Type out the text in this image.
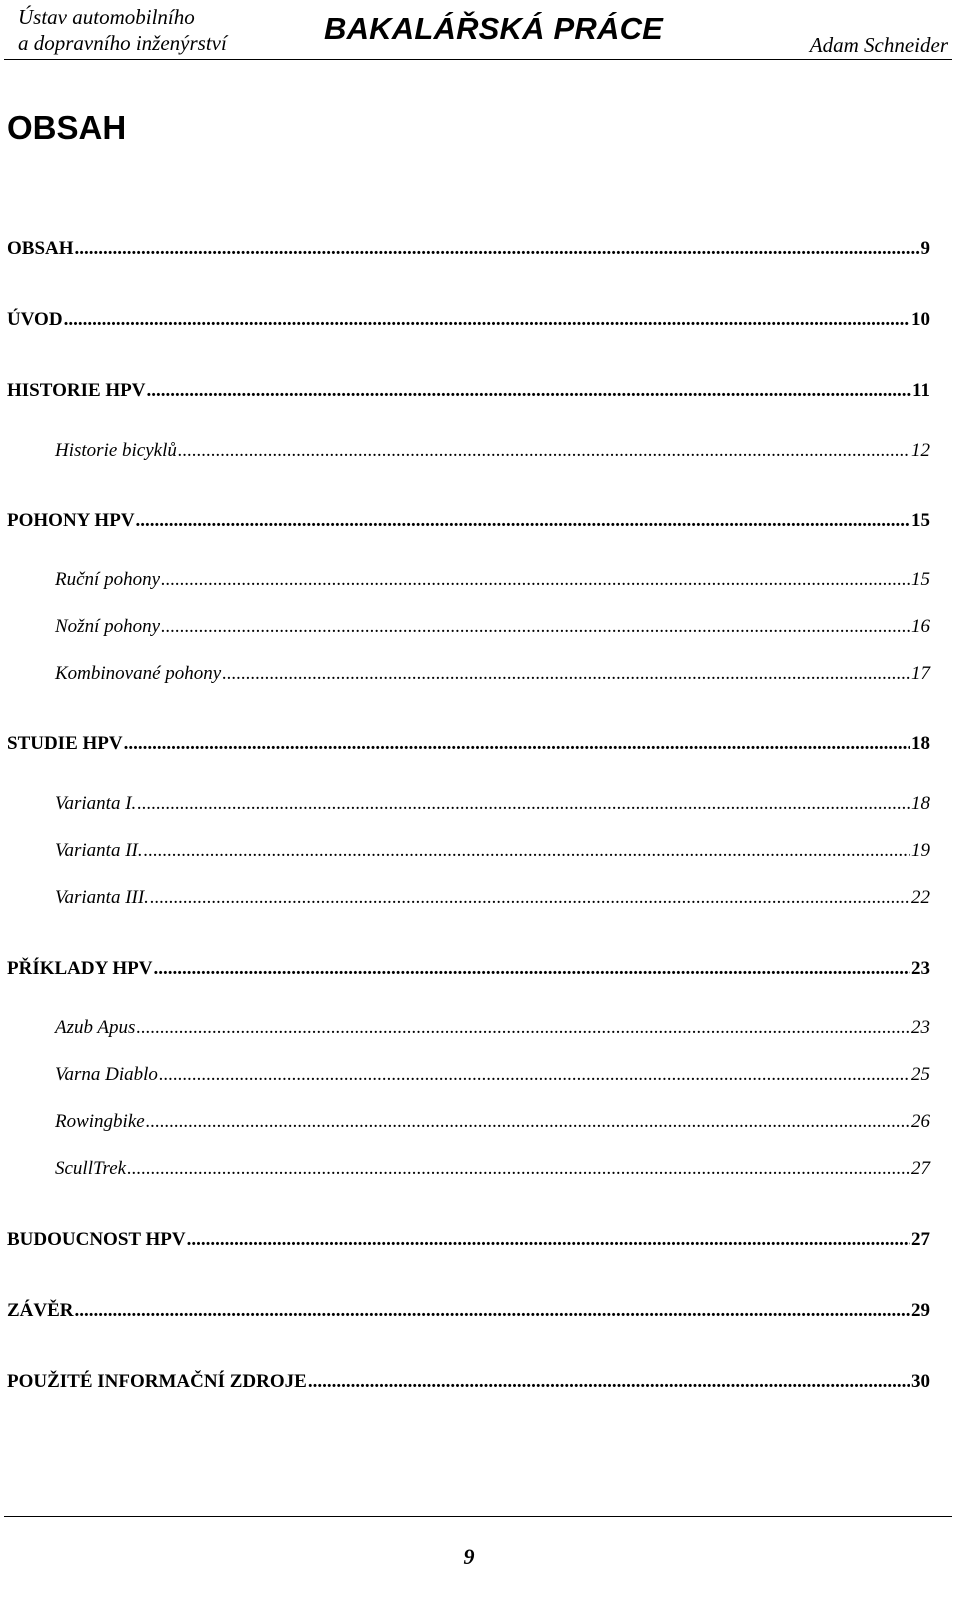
Ústav automobilního
a dopravního inženýrství	BAKALÁŘSKÁ PRÁCE	Adam Schneider
OBSAH
OBSAH .....	9
ÚVOD .....	10
HISTORIE HPV .....	11
Historie bicyklů .....	12
POHONY HPV .....	15
Ruční pohony .....	15
Nožní pohony .....	16
Kombinované pohony .....	17
STUDIE HPV .....	18
Varianta I. .....	18
Varianta II. .....	19
Varianta III. .....	22
PŘÍKLADY HPV .....	23
Azub Apus .....	23
Varna Diablo .....	25
Rowingbike .....	26
ScullTrek .....	27
BUDOUCNOST HPV .....	27
ZÁVĚR .....	29
POUŽITÉ INFORMAČNÍ ZDROJE .....	30
9
